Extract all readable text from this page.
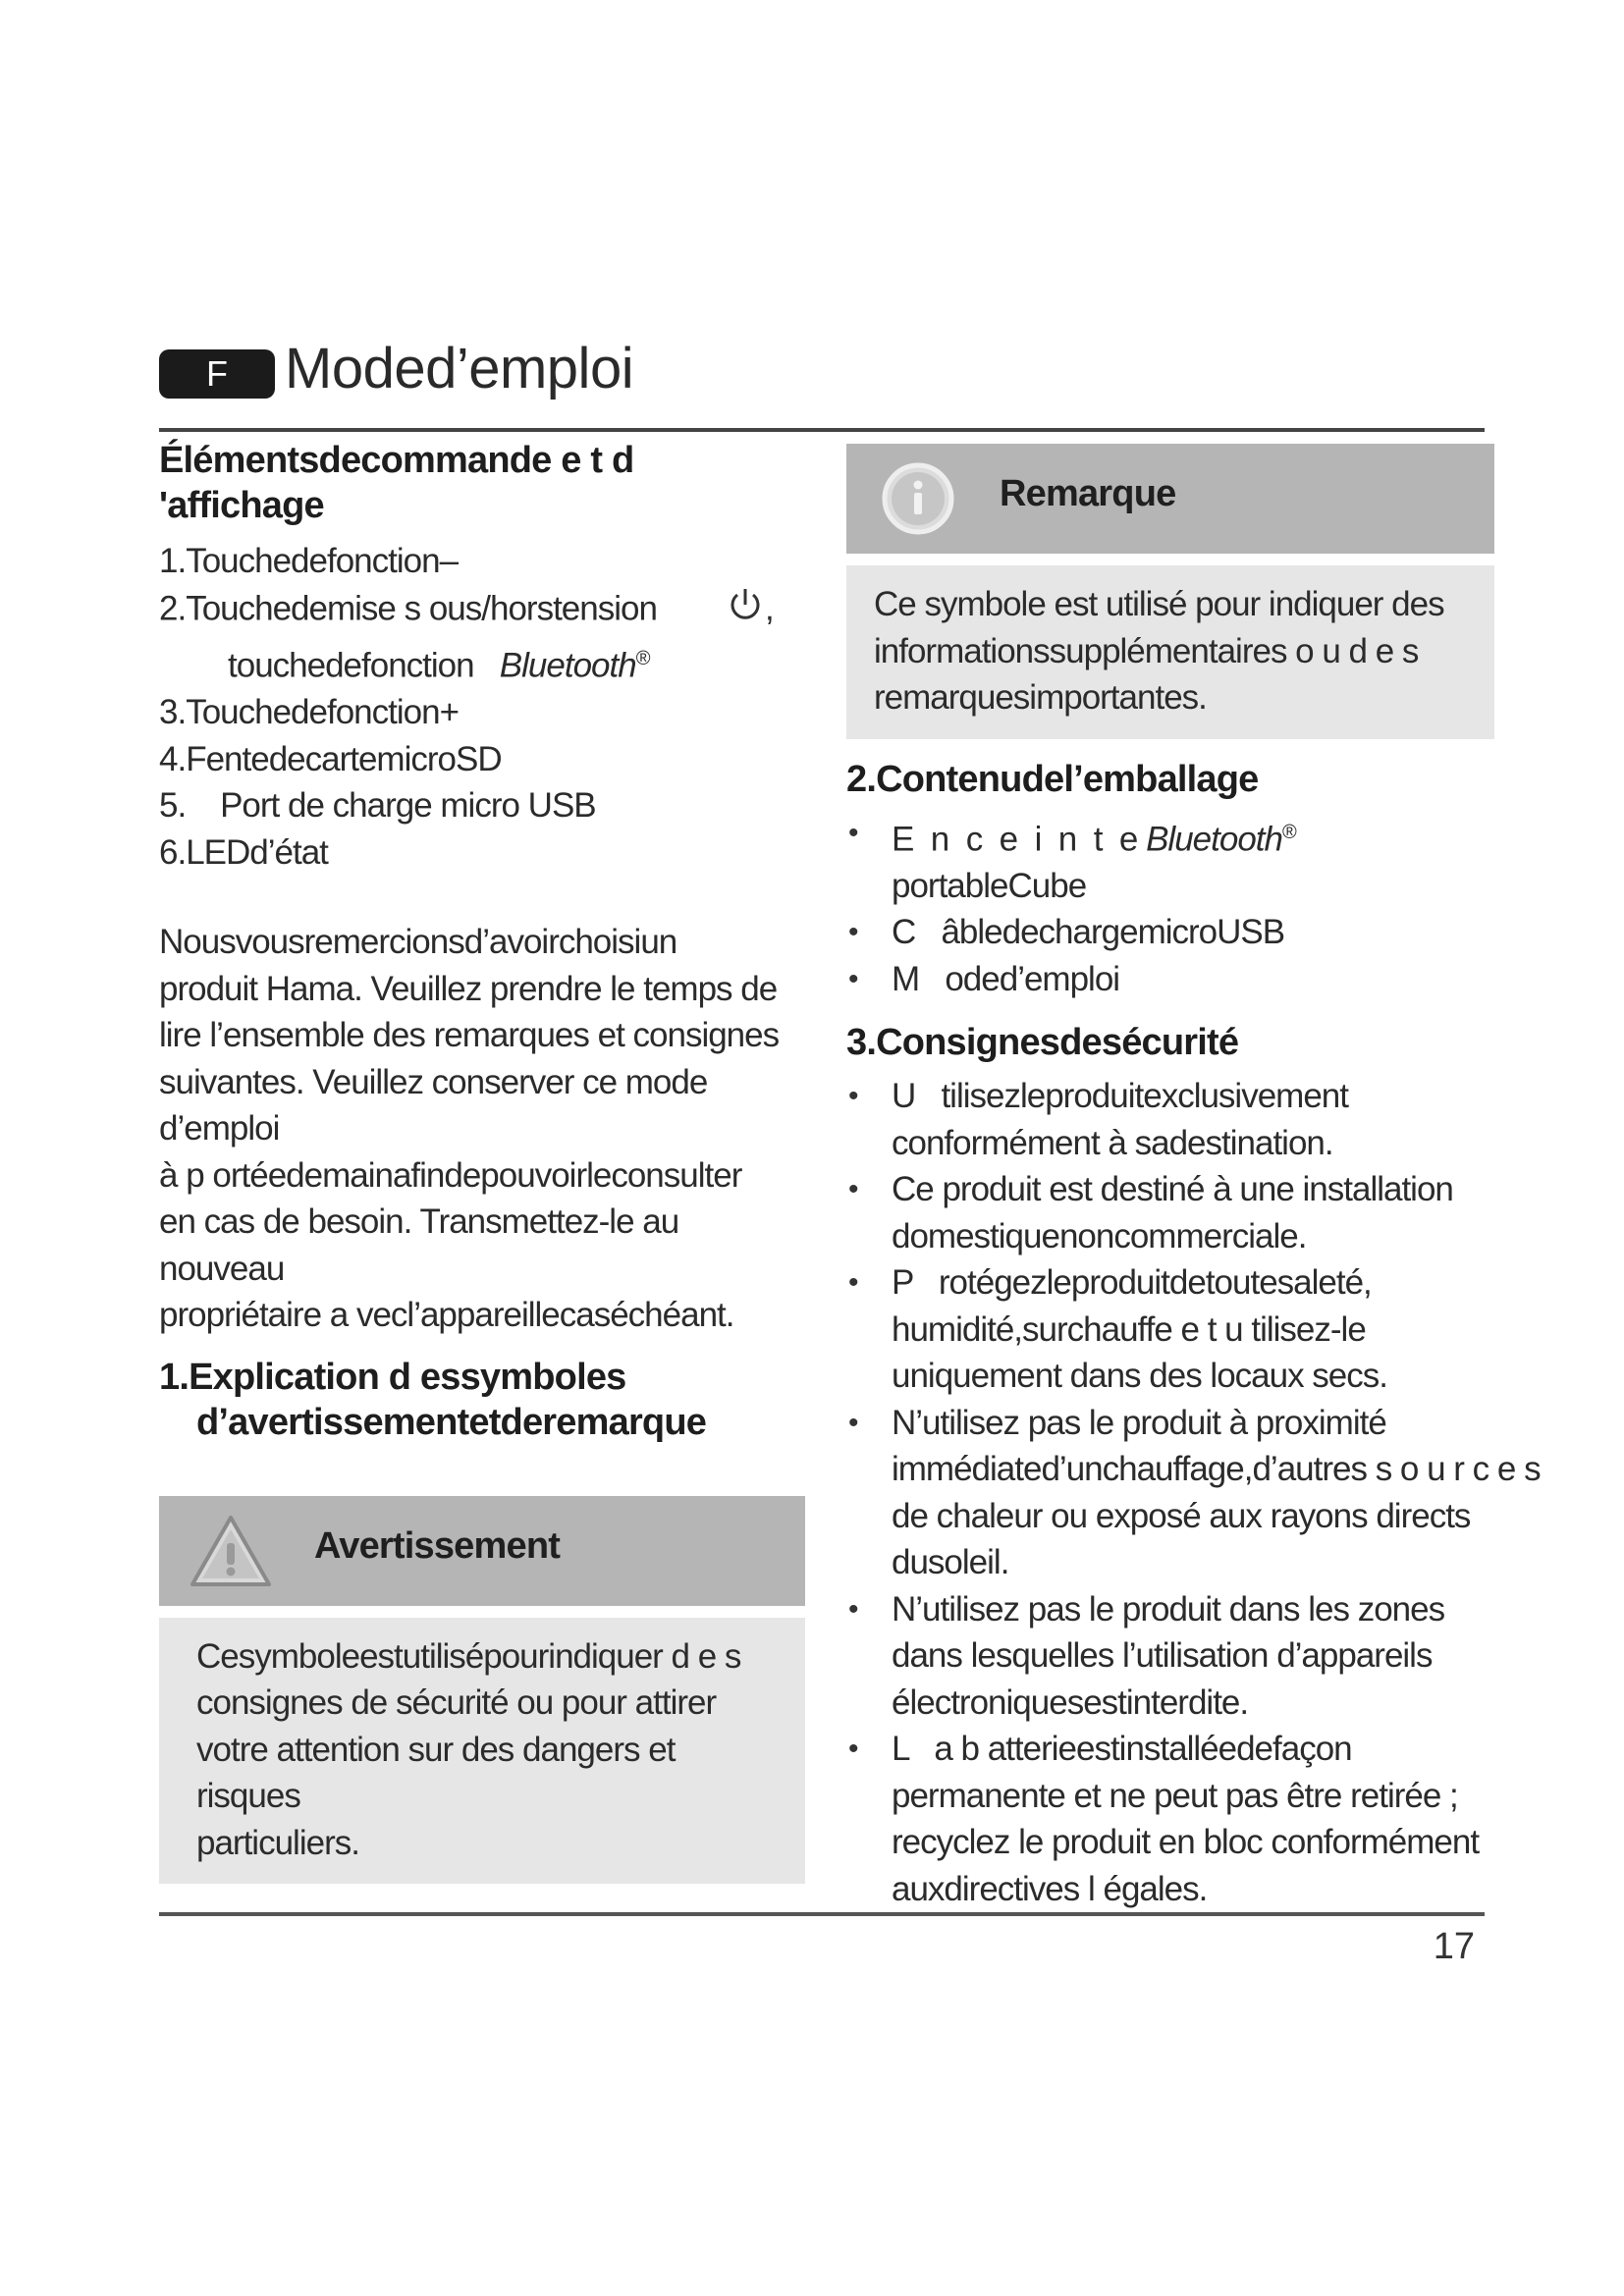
F	Moded’emploi
Élémentsdecommande e t d 'affichage
1.Touchedefonction–
2.Touchedemise s ous/horstension	,
touchedefonction Bluetooth®
3.Touchedefonction+
4.FentedecartemicroSD
5.    Port de charge micro USB
6.LEDd’état
Nousvousremercionsd’avoirchoisiun
produit Hama. Veuillez prendre le temps de
lire l’ensemble des remarques et consignes
suivantes. Veuillez conserver ce mode d’emploi
à p ortéedemainafindepouvoirleconsulter
en cas de besoin. Transmettez-le au nouveau
propriétaire a vecl’appareillecaséchéant.
1.Explication d essymboles
d’avertissementetderemarque
Avertissement

Cesymboleestutilisépourindiquer d e s

consignes de sécurité ou pour attirer

votre attention sur des dangers et risques

particuliers.

Remarque

Ce symbole est utilisé pour indiquer des

informationssupplémentaires o u d e s

remarquesimportantes.

2.Contenudel’emballage
• E  n  c  e  i  n  t  e Bluetooth® portableCube
• C   âbledechargemicroUSB
• M   oded’emploi
3.Consignesdesécurité
• U   tilisezleproduitexclusivement
conformément à sadestination.
• Ce produit est destiné à une installation
domestiquenoncommerciale.
• P   rotégezleproduitdetoutesaleté,
humidité,surchauffe e t u tilisez-le
uniquement dans des locaux secs.
• N’utilisez pas le produit à proximité
immédiated’unchauffage,d’autres s o u r c e s
de chaleur ou exposé aux rayons directs
dusoleil.
• N’utilisez pas le produit dans les zones
dans lesquelles l’utilisation d’appareils
électroniquesestinterdite.
• L   a b atterieestinstalléedefaçon
permanente et ne peut pas être retirée ;
recyclez le produit en bloc conformément
auxdirectives l égales.
17
